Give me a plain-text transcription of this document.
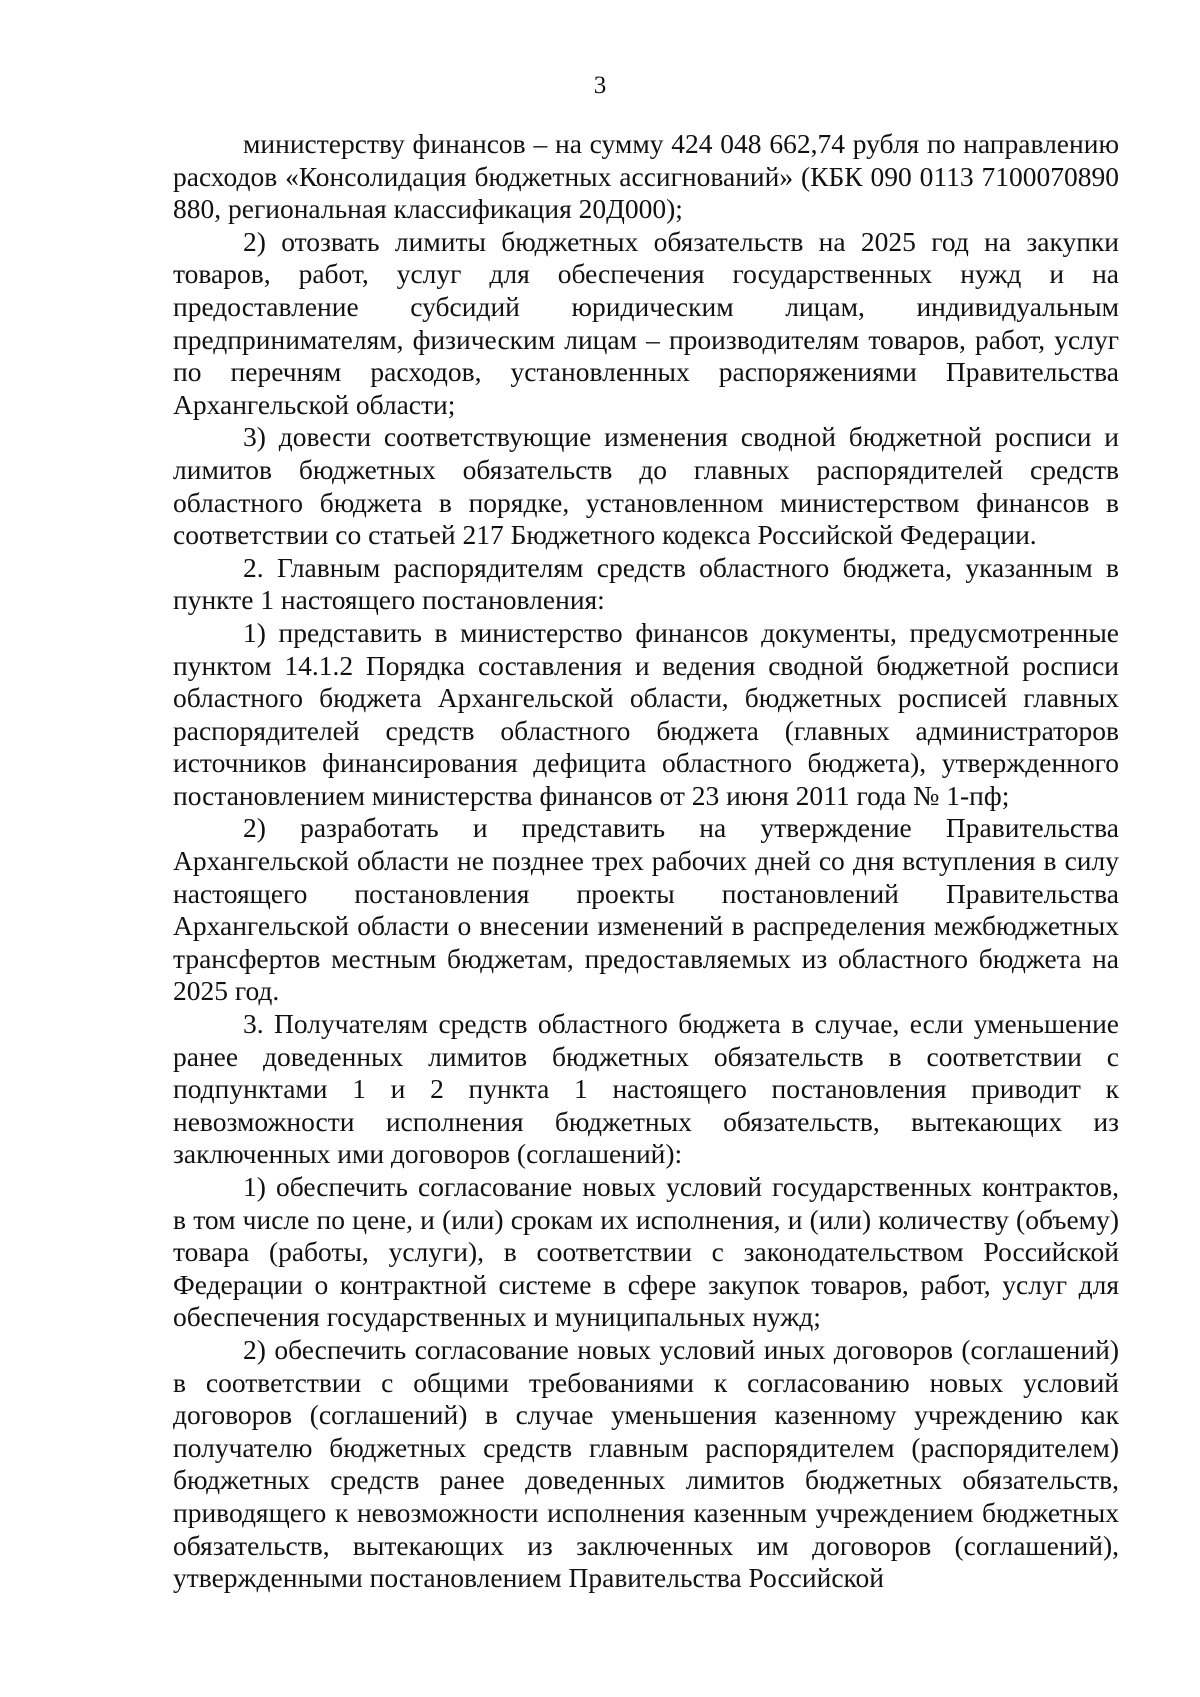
3

министерству финансов – на сумму 424 048 662,74 рубля по направлению расходов «Консолидация бюджетных ассигнований» (КБК 090 0113 7100070890 880, региональная классификация 20Д000);

2) отозвать лимиты бюджетных обязательств на 2025 год на закупки товаров, работ, услуг для обеспечения государственных нужд и на предоставление субсидий юридическим лицам, индивидуальным предпринимателям, физическим лицам – производителям товаров, работ, услуг по перечням расходов, установленных распоряжениями Правительства Архангельской области;

3) довести соответствующие изменения сводной бюджетной росписи и лимитов бюджетных обязательств до главных распорядителей средств областного бюджета в порядке, установленном министерством финансов в соответствии со статьей 217 Бюджетного кодекса Российской Федерации.

2. Главным распорядителям средств областного бюджета, указанным в пункте 1 настоящего постановления:

1) представить в министерство финансов документы, предусмотренные пунктом 14.1.2 Порядка составления и ведения сводной бюджетной росписи областного бюджета Архангельской области, бюджетных росписей главных распорядителей средств областного бюджета (главных администраторов источников финансирования дефицита областного бюджета), утвержденного постановлением министерства финансов от 23 июня 2011 года № 1-пф;

2) разработать и представить на утверждение Правительства Архангельской области не позднее трех рабочих дней со дня вступления в силу настоящего постановления проекты постановлений Правительства Архангельской области о внесении изменений в распределения межбюджетных трансфертов местным бюджетам, предоставляемых из областного бюджета на 2025 год.

3. Получателям средств областного бюджета в случае, если уменьшение ранее доведенных лимитов бюджетных обязательств в соответствии с подпунктами 1 и 2 пункта 1 настоящего постановления приводит к невозможности исполнения бюджетных обязательств, вытекающих из заключенных ими договоров (соглашений):

1) обеспечить согласование новых условий государственных контрактов, в том числе по цене, и (или) срокам их исполнения, и (или) количеству (объему) товара (работы, услуги), в соответствии с законодательством Российской Федерации о контрактной системе в сфере закупок товаров, работ, услуг для обеспечения государственных и муниципальных нужд;

2) обеспечить согласование новых условий иных договоров (соглашений) в соответствии с общими требованиями к согласованию новых условий договоров (соглашений) в случае уменьшения казенному учреждению как получателю бюджетных средств главным распорядителем (распорядителем) бюджетных средств ранее доведенных лимитов бюджетных обязательств, приводящего к невозможности исполнения казенным учреждением бюджетных обязательств, вытекающих из заключенных им договоров (соглашений), утвержденными постановлением Правительства Российской
